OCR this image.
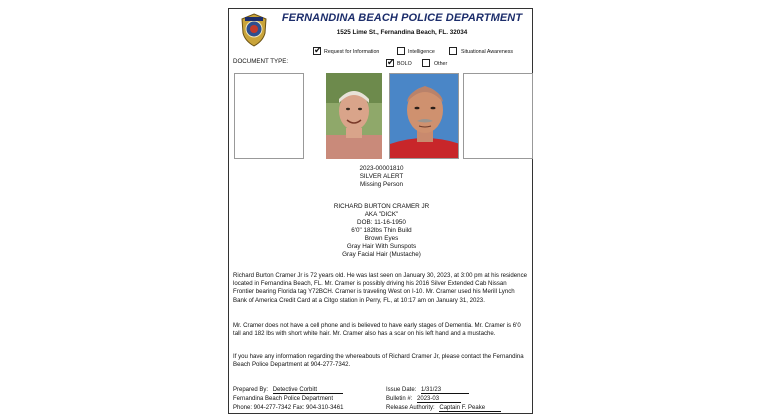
FERNANDINA BEACH POLICE DEPARTMENT
1525 Lime St., Fernandina Beach, FL. 32034
DOCUMENT TYPE:
✔
Request for Information	Intelligence	Situational Awareness
✔
BOLO	Other
2023-00001810
SILVER ALERT
Missing Person
RICHARD BURTON CRAMER JR
AKA "DICK"
DOB: 11-16-1950
6'0" 182lbs Thin Build
Brown Eyes
Gray Hair With Sunspots
Gray Facial Hair (Mustache)
Richard Burton Cramer Jr is 72 years old. He was last seen on January 30, 2023, at 3:00 pm at his residence located in Fernandina Beach, FL. Mr. Cramer is possibly driving his 2016 Silver Extended Cab Nissan Frontier bearing Florida tag Y72BCH. Cramer is traveling West on I-10. Mr. Cramer used his Merill Lynch Bank of America Credit Card at a Citgo station in Perry, FL, at 10:17 am on January 31, 2023.
Mr. Cramer does not have a cell phone and is believed to have early stages of Dementia. Mr. Cramer is 6'0 tall and 182 lbs with short white hair. Mr. Cramer also has a scar on his left hand and a mustache.
If you have any information regarding the whereabouts of Richard Cramer Jr, please contact the Fernandina Beach Police Department at 904-277-7342.
Prepared By: Detective Corbitt
Fernandina Beach Police Department
Phone: 904-277-7342 Fax: 904-310-3461
Issue Date: 1/31/23
Bulletin #: 2023-03
Release Authority: Captain F. Peake
